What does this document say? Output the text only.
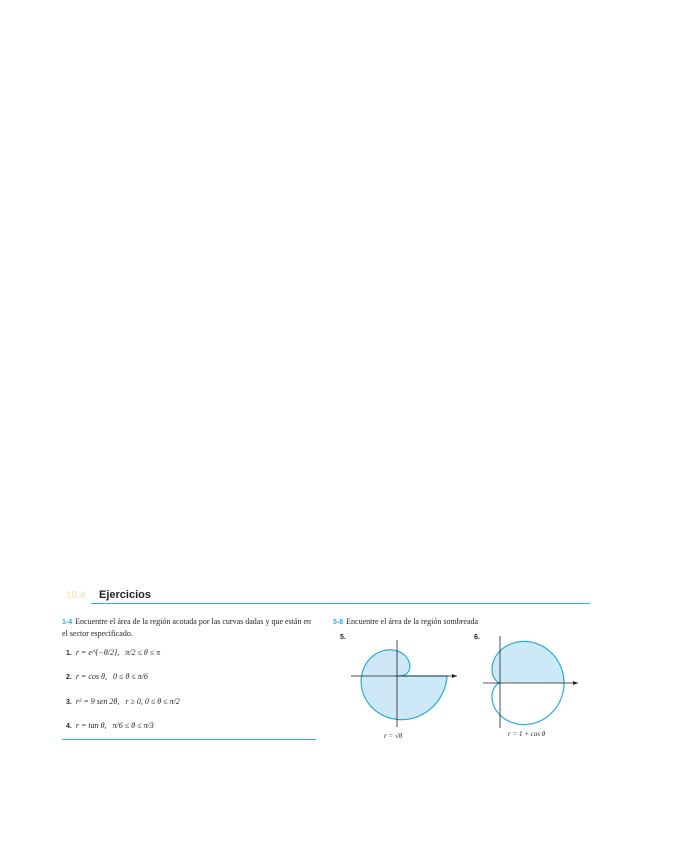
10.4 Ejercicios
1-4 Encuentre el área de la región acotada por las curvas dadas y que están en el sector especificado.
1. r = e^{−θ/2}, π/2 ≤ θ ≤ π
2. r = cos θ, 0 ≤ θ ≤ π/6
3. r² = 9 sen 2θ, r ≥ 0, 0 ≤ θ ≤ π/2
4. r = tan θ, π/6 ≤ θ ≤ π/3
5-8 Encuentre el área de la región sombreada
5.	6.
r = √θ	r = 1 + cos θ
